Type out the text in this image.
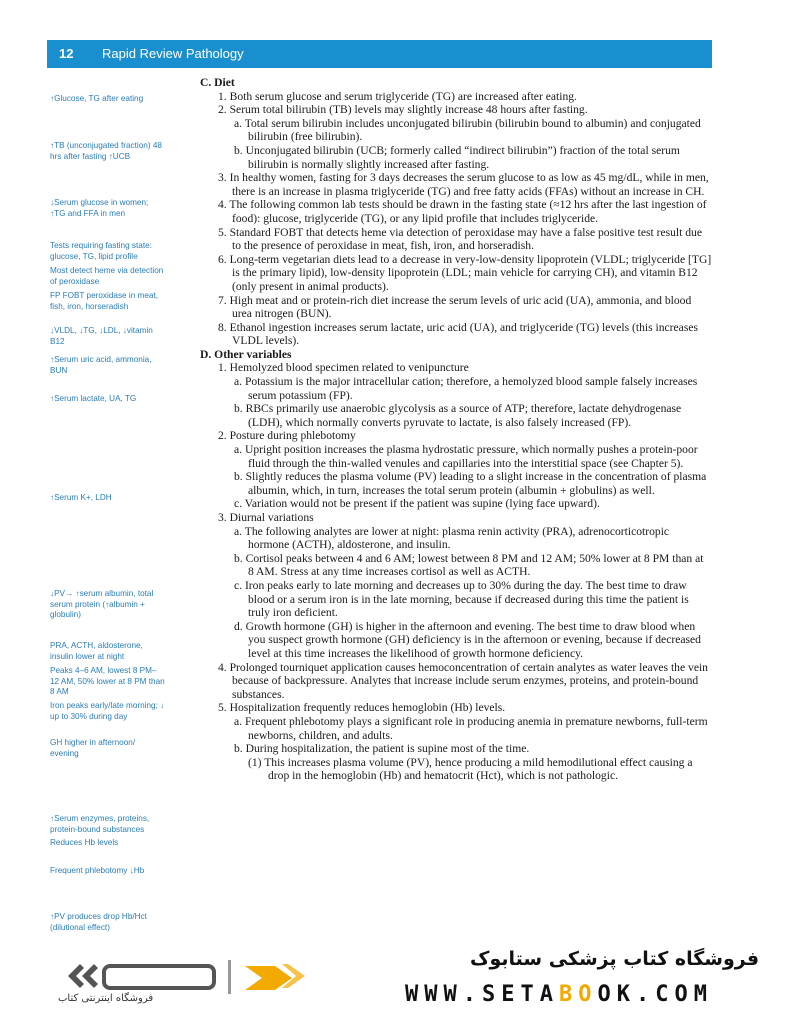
12 Rapid Review Pathology
↑Glucose, TG after eating
↑TB (unconjugated fraction) 48 hrs after fasting ↑UCB
↓Serum glucose in women; ↑TG and FFA in men
Tests requiring fasting state: glucose, TG, lipid profile
Most detect heme via detection of peroxidase
FP FOBT peroxidase in meat, fish, iron, horseradish
↓VLDL, ↓TG, ↓LDL, ↓vitamin B12
↑Serum uric acid, ammonia, BUN
↑Serum lactate, UA, TG
↑Serum K+, LDH
↓PV→ ↑serum albumin, total serum protein (↑albumin + globulin)
PRA, ACTH, aldosterone, insulin lower at night
Peaks 4–6 AM, lowest 8 PM–12 AM, 50% lower at 8 PM than 8 AM
Iron peaks early/late morning; ↓ up to 30% during day
GH higher in afternoon/ evening
↑Serum enzymes, proteins, protein-bound substances
Reduces Hb levels
Frequent phlebotomy ↓Hb
↑PV produces drop Hb/Hct (dilutional effect)

C. Diet

1. Both serum glucose and serum triglyceride (TG) are increased after eating.

2. Serum total bilirubin (TB) levels may slightly increase 48 hours after fasting.

a. Total serum bilirubin includes unconjugated bilirubin (bilirubin bound to albumin) and conjugated bilirubin (free bilirubin).

b. Unconjugated bilirubin (UCB; formerly called “indirect bilirubin”) fraction of the total serum bilirubin is normally slightly increased after fasting.

3. In healthy women, fasting for 3 days decreases the serum glucose to as low as 45 mg/dL, while in men, there is an increase in plasma triglyceride (TG) and free fatty acids (FFAs) without an increase in CH.

4. The following common lab tests should be drawn in the fasting state (≈12 hrs after the last ingestion of food): glucose, triglyceride (TG), or any lipid profile that includes triglyceride.

5. Standard FOBT that detects heme via detection of peroxidase may have a false positive test result due to the presence of peroxidase in meat, fish, iron, and horseradish.

6. Long-term vegetarian diets lead to a decrease in very-low-density lipoprotein (VLDL; triglyceride [TG] is the primary lipid), low-density lipoprotein (LDL; main vehicle for carrying CH), and vitamin B12 (only present in animal products).

7. High meat and or protein-rich diet increase the serum levels of uric acid (UA), ammonia, and blood urea nitrogen (BUN).

8. Ethanol ingestion increases serum lactate, uric acid (UA), and triglyceride (TG) levels (this increases VLDL levels).

D. Other variables

1. Hemolyzed blood specimen related to venipuncture

a. Potassium is the major intracellular cation; therefore, a hemolyzed blood sample falsely increases serum potassium (FP).

b. RBCs primarily use anaerobic glycolysis as a source of ATP; therefore, lactate dehydrogenase (LDH), which normally converts pyruvate to lactate, is also falsely increased (FP).

2. Posture during phlebotomy

a. Upright position increases the plasma hydrostatic pressure, which normally pushes a protein-poor fluid through the thin-walled venules and capillaries into the interstitial space (see Chapter 5).

b. Slightly reduces the plasma volume (PV) leading to a slight increase in the concentration of plasma albumin, which, in turn, increases the total serum protein (albumin + globulins) as well.

c. Variation would not be present if the patient was supine (lying face upward).

3. Diurnal variations

a. The following analytes are lower at night: plasma renin activity (PRA), adrenocorticotropic hormone (ACTH), aldosterone, and insulin.

b. Cortisol peaks between 4 and 6 AM; lowest between 8 PM and 12 AM; 50% lower at 8 PM than at 8 AM. Stress at any time increases cortisol as well as ACTH.

c. Iron peaks early to late morning and decreases up to 30% during the day. The best time to draw blood or a serum iron is in the late morning, because if decreased during this time the patient is truly iron deficient.

d. Growth hormone (GH) is higher in the afternoon and evening. The best time to draw blood when you suspect growth hormone (GH) deficiency is in the afternoon or evening, because if decreased level at this time increases the likelihood of growth hormone deficiency.

4. Prolonged tourniquet application causes hemoconcentration of certain analytes as water leaves the vein because of backpressure. Analytes that increase include serum enzymes, proteins, and protein-bound substances.

5. Hospitalization frequently reduces hemoglobin (Hb) levels.

a. Frequent phlebotomy plays a significant role in producing anemia in premature newborns, full-term newborns, children, and adults.

b. During hospitalization, the patient is supine most of the time.

(1) This increases plasma volume (PV), hence producing a mild hemodilutional effect causing a drop in the hemoglobin (Hb) and hematocrit (Hct), which is not pathologic.

فروشگاه اینترنتی کتاب
فروشگاه کتاب پزشکی ستابوک
WWW.SETABOOK.COM
